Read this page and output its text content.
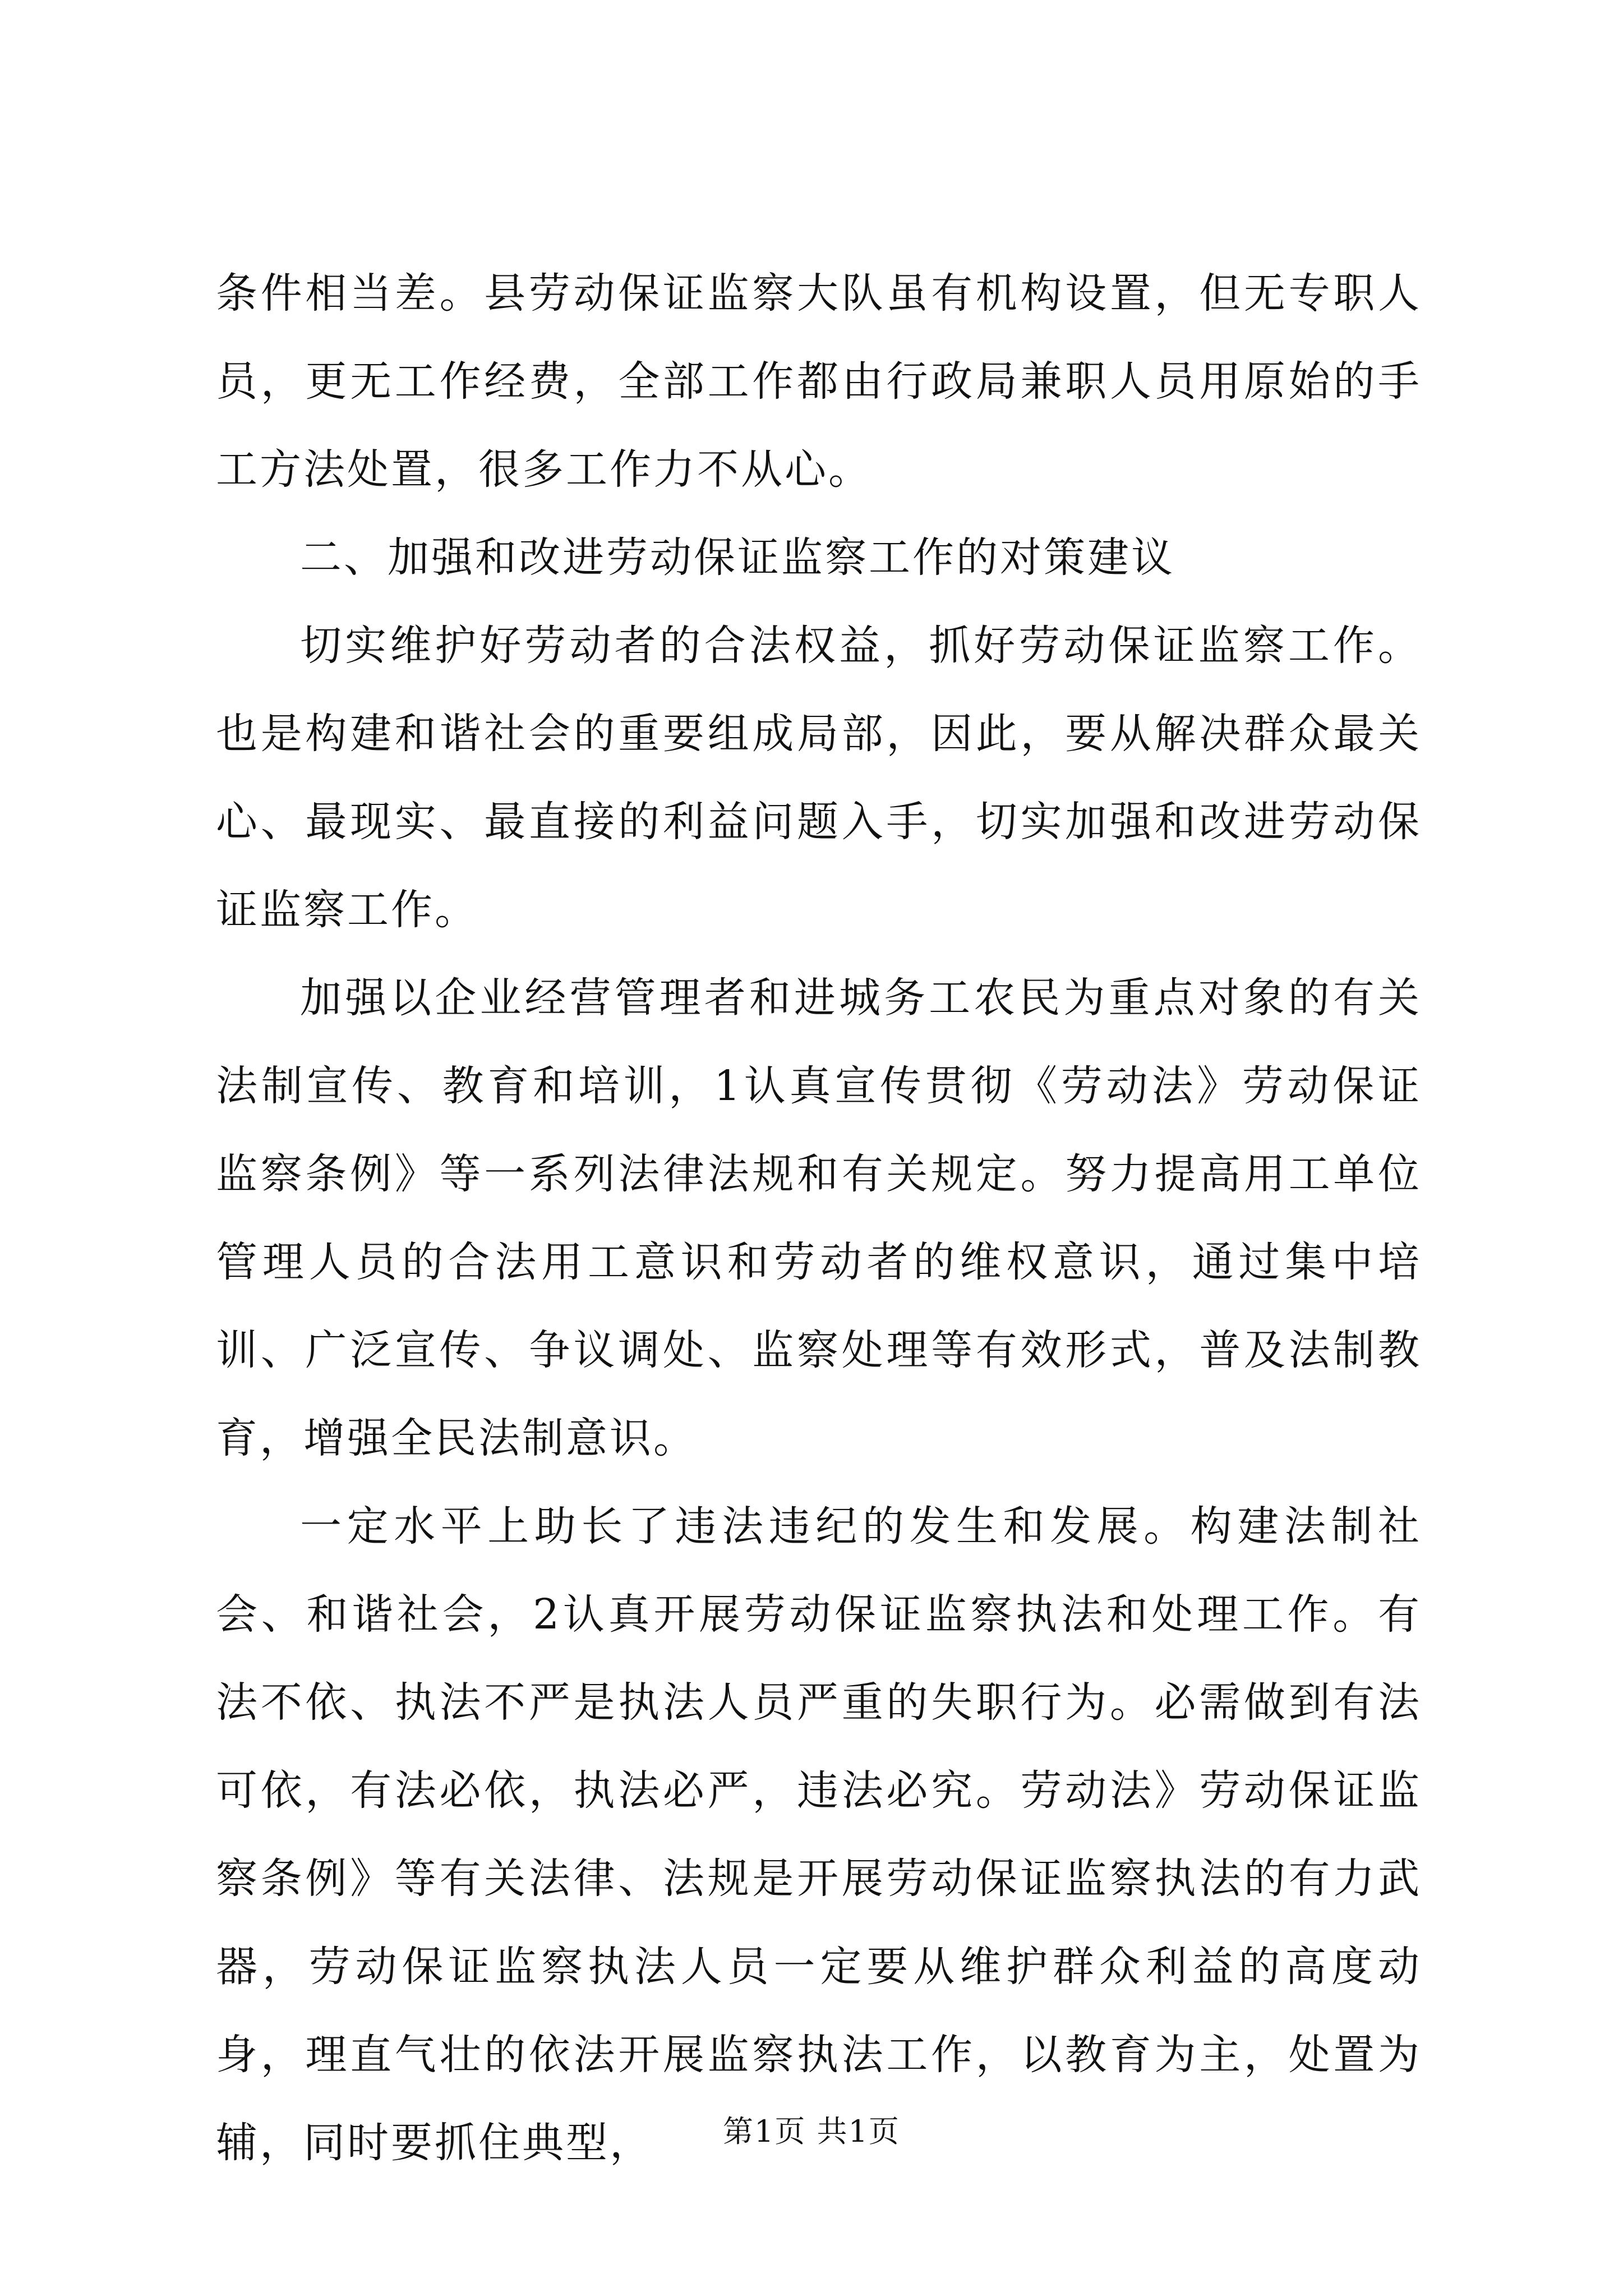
条件相当差。县劳动保证监察大队虽有机构设置，但无专职人员，更无工作经费，全部工作都由行政局兼职人员用原始的手工方法处置，很多工作力不从心。

二、加强和改进劳动保证监察工作的对策建议

切实维护好劳动者的合法权益，抓好劳动保证监察工作。也是构建和谐社会的重要组成局部，因此，要从解决群众最关心、最现实、最直接的利益问题入手，切实加强和改进劳动保证监察工作。

加强以企业经营管理者和进城务工农民为重点对象的有关法制宣传、教育和培训，1认真宣传贯彻《劳动法》劳动保证监察条例》等一系列法律法规和有关规定。努力提高用工单位管理人员的合法用工意识和劳动者的维权意识，通过集中培训、广泛宣传、争议调处、监察处理等有效形式，普及法制教育，增强全民法制意识。

一定水平上助长了违法违纪的发生和发展。构建法制社会、和谐社会，2认真开展劳动保证监察执法和处理工作。有法不依、执法不严是执法人员严重的失职行为。必需做到有法可依，有法必依，执法必严，违法必究。劳动法》劳动保证监察条例》等有关法律、法规是开展劳动保证监察执法的有力武器，劳动保证监察执法人员一定要从维护群众利益的高度动身，理直气壮的依法开展监察执法工作，以教育为主，处置为辅，同时要抓住典型，	第1页 共1页
